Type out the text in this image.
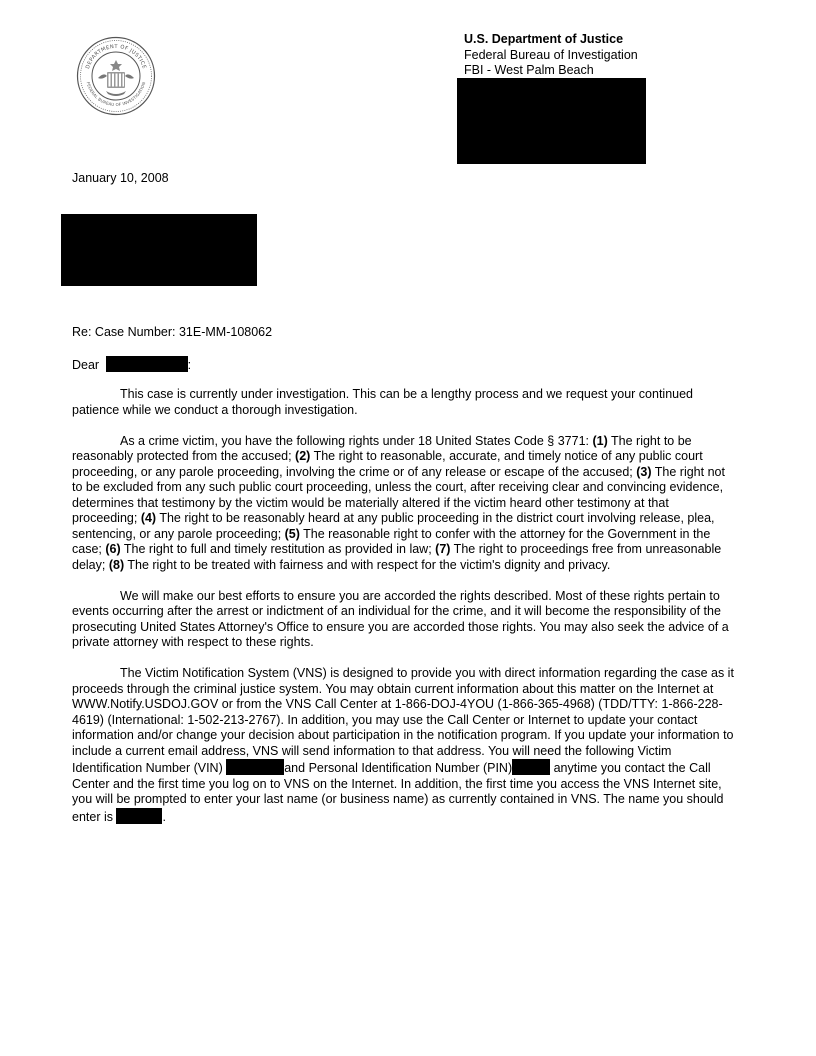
DEPARTMENT OF JUSTICE
FEDERAL BUREAU OF INVESTIGATION
U.S. Department of Justice
Federal Bureau of Investigation
FBI - West Palm Beach
January 10, 2008
Re: Case Number: 31E-MM-108062
Dear	:

This case is currently under investigation. This can be a lengthy process and we request your continued patience while we conduct a thorough investigation.

As a crime victim, you have the following rights under 18 United States Code § 3771: (1) The right to be reasonably protected from the accused; (2) The right to reasonable, accurate, and timely notice of any public court proceeding, or any parole proceeding, involving the crime or of any release or escape of the accused; (3) The right not to be excluded from any such public court proceeding, unless the court, after receiving clear and convincing evidence, determines that testimony by the victim would be materially altered if the victim heard other testimony at that proceeding; (4) The right to be reasonably heard at any public proceeding in the district court involving release, plea, sentencing, or any parole proceeding; (5) The reasonable right to confer with the attorney for the Government in the case; (6) The right to full and timely restitution as provided in law; (7) The right to proceedings free from unreasonable delay; (8) The right to be treated with fairness and with respect for the victim's dignity and privacy.

We will make our best efforts to ensure you are accorded the rights described. Most of these rights pertain to events occurring after the arrest or indictment of an individual for the crime, and it will become the responsibility of the prosecuting United States Attorney's Office to ensure you are accorded those rights. You may also seek the advice of a private attorney with respect to these rights.

The Victim Notification System (VNS) is designed to provide you with direct information regarding the case as it proceeds through the criminal justice system. You may obtain current information about this matter on the Internet at WWW.Notify.USDOJ.GOV or from the VNS Call Center at 1-866-DOJ-4YOU (1-866-365-4968) (TDD/TTY: 1-866-228-4619) (International: 1-502-213-2767). In addition, you may use the Call Center or Internet to update your contact information and/or change your decision about participation in the notification program. If you update your information to include a current email address, VNS will send information to that address. You will need the following Victim Identification Number (VIN)	and Personal Identification Number (PIN)	anytime you contact the Call Center and the first time you log on to VNS on the Internet. In addition, the first time you access the VNS Internet site, you will be prompted to enter your last name (or business name) as currently contained in VNS. The name you should enter is	.
